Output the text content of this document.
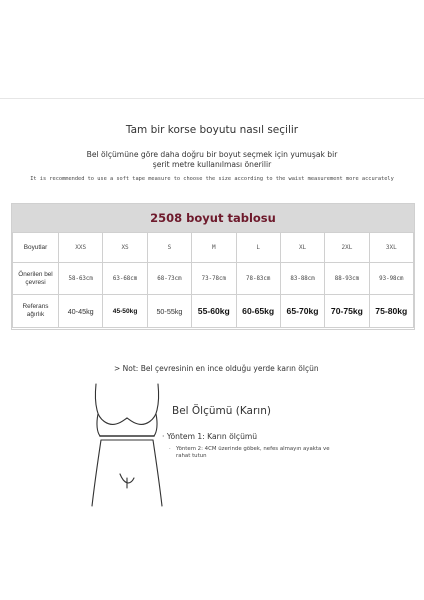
Tam bir korse boyutu nasıl seçilir
Bel ölçümüne göre daha doğru bir boyut seçmek için yumuşak bir şerit metre kullanılması önerilir
It is recommended to use a soft tape measure to choose the size according to the waist measurement more accurately
2508 boyut tablosu
Boyutlar	XXS	XS	S	M	L	XL	2XL	3XL
Önerilen bel çevresi	58-63cm	63-68cm	68-73cm	73-78cm	78-83cm	83-88cm	88-93cm	93-98cm
Referans ağırlık	40-45kg	45-50kg	50-55kg	55-60kg	60-65kg	65-70kg	70-75kg	75-80kg
> Not: Bel çevresinin en ince olduğu yerde karın ölçün
Bel Ölçümü (Karın)
· Yöntem 1: Karın ölçümü
· Yöntem 2: 4CM üzerinde göbek, nefes almayın ayakta ve rahat tutun
